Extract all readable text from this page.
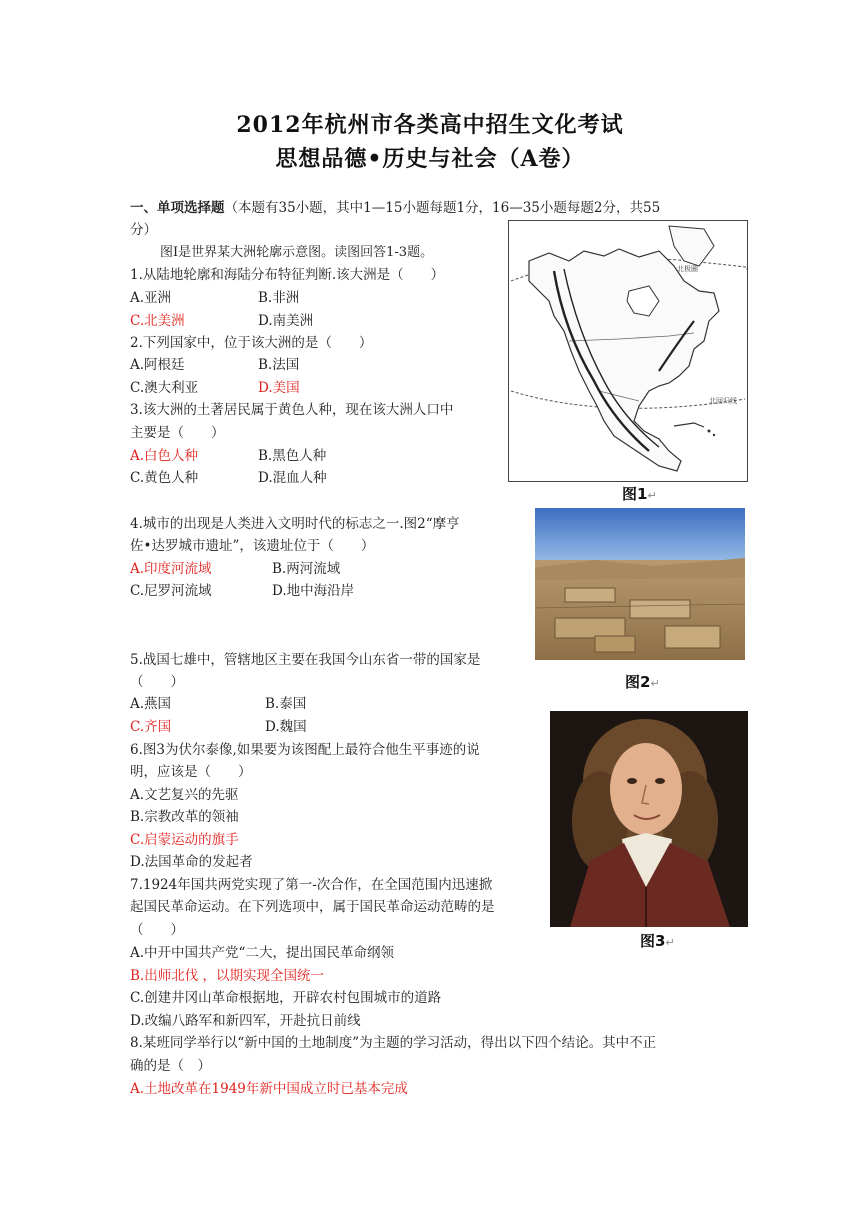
2012年杭州市各类高中招生文化考试
思想品德•历史与社会（A卷）
一、单项选择题（本题有35小题，其中1—15小题每题1分，16—35小题每题2分，共55
分）
图Ⅰ是世界某大洲轮廓示意图。读图回答1-3题。
1.从陆地轮廓和海陆分布特征判断.该大洲是（　　）
A.亚洲	B.非洲
C.北美洲	D.南美洲
2.下列国家中，位于该大洲的是（　　）
A.阿根廷	B.法国
C.澳大利亚	D.美国
3.该大洲的土著居民属于黄色人种，现在该大洲人口中
主要是（　　）
A.白色人种	B.黑色人种
C.黄色人种	D.混血人种
4.城市的出现是人类进入文明时代的标志之一.图2“摩亨
佐•达罗城市遗址”，该遗址位于（　　）
A.印度河流域	B.两河流域
C.尼罗河流域	D.地中海沿岸
5.战国七雄中，管辖地区主要在我国今山东省一带的国家是
（　　）
A.燕国	B.泰国
C.齐国	D.魏国
6.图3为伏尔泰像,如果要为该图配上最符合他生平事迹的说
明，应该是（　　）
A.文艺复兴的先驱
B.宗教改革的领袖
C.启蒙运动的旗手
D.法国革命的发起者
7.1924年国共两党实现了第一-次合作，在全国范围内迅速掀
起国民革命运动。在下列选项中，属于国民革命运动范畴的是
（　　）
A.中开中国共产党“二大，提出国民革命纲领
B.出师北伐 ，以期实现全国统一
C.创建井冈山革命根据地，开辟农村包围城市的道路
D.改编八路军和新四军，开赴抗日前线
8.某班同学举行以“新中国的土地制度”为主题的学习活动，得出以下四个结论。其中不正
确的是（　）
A.土地改革在1949年新中国成立时已基本完成
北极圈
北回归线
图1↵
图2↵
图3↵
